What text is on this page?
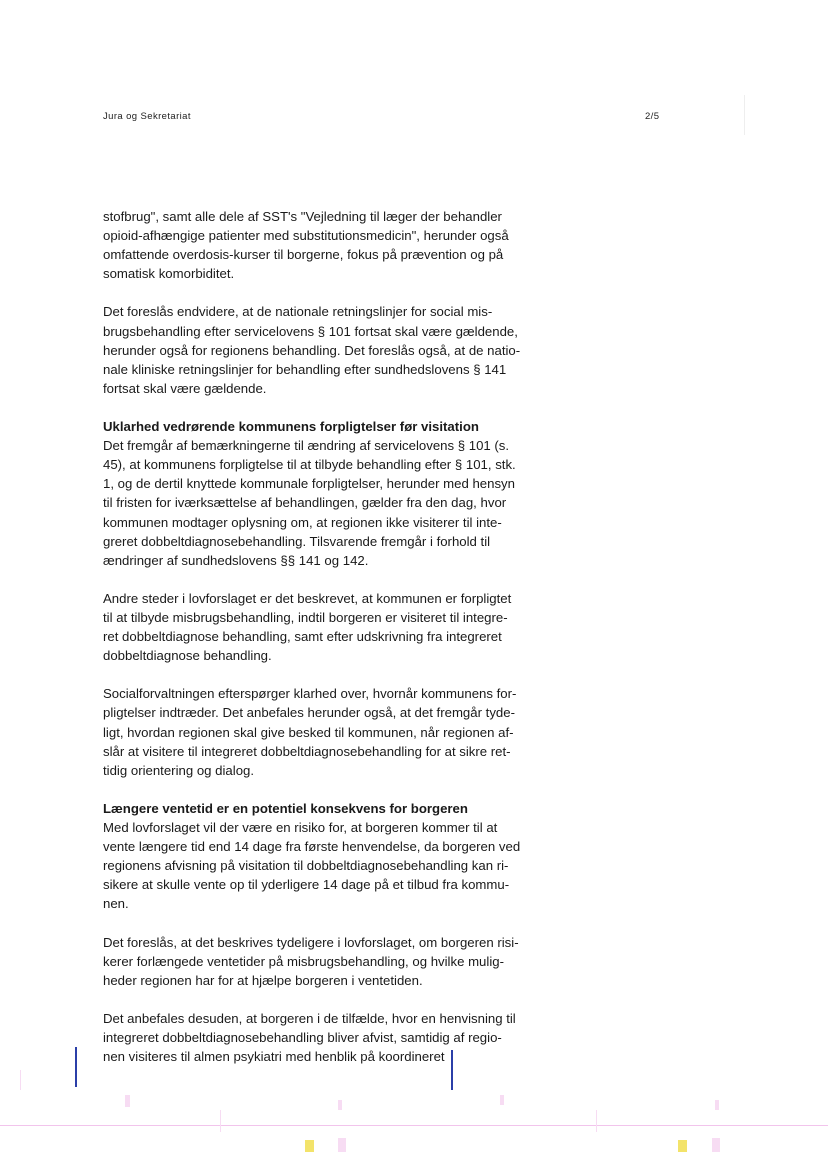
Jura og Sekretariat	2/5
stofbrug", samt alle dele af SST's "Vejledning til læger der behandler
opioid-afhængige patienter med substitutionsmedicin", herunder også
omfattende overdosis-kurser til borgerne, fokus på prævention og på
somatisk komorbiditet.
Det foreslås endvidere, at de nationale retningslinjer for social mis-
brugsbehandling efter servicelovens § 101 fortsat skal være gældende,
herunder også for regionens behandling. Det foreslås også, at de natio-
nale kliniske retningslinjer for behandling efter sundhedslovens § 141
fortsat skal være gældende.
Uklarhed vedrørende kommunens forpligtelser før visitation
Det fremgår af bemærkningerne til ændring af servicelovens § 101 (s.
45), at kommunens forpligtelse til at tilbyde behandling efter § 101, stk.
1, og de dertil knyttede kommunale forpligtelser, herunder med hensyn
til fristen for iværksættelse af behandlingen, gælder fra den dag, hvor
kommunen modtager oplysning om, at regionen ikke visiterer til inte-
greret dobbeltdiagnosebehandling. Tilsvarende fremgår i forhold til
ændringer af sundhedslovens §§ 141 og 142.
Andre steder i lovforslaget er det beskrevet, at kommunen er forpligtet
til at tilbyde misbrugsbehandling, indtil borgeren er visiteret til integre-
ret dobbeltdiagnose behandling, samt efter udskrivning fra integreret
dobbeltdiagnose behandling.
Socialforvaltningen efterspørger klarhed over, hvornår kommunens for-
pligtelser indtræder. Det anbefales herunder også, at det fremgår tyde-
ligt, hvordan regionen skal give besked til kommunen, når regionen af-
slår at visitere til integreret dobbeltdiagnosebehandling for at sikre ret-
tidig orientering og dialog.
Længere ventetid er en potentiel konsekvens for borgeren
Med lovforslaget vil der være en risiko for, at borgeren kommer til at
vente længere tid end 14 dage fra første henvendelse, da borgeren ved
regionens afvisning på visitation til dobbeltdiagnosebehandling kan ri-
sikere at skulle vente op til yderligere 14 dage på et tilbud fra kommu-
nen.
Det foreslås, at det beskrives tydeligere i lovforslaget, om borgeren risi-
kerer forlængede ventetider på misbrugsbehandling, og hvilke mulig-
heder regionen har for at hjælpe borgeren i ventetiden.
Det anbefales desuden, at borgeren i de tilfælde, hvor en henvisning til
integreret dobbeltdiagnosebehandling bliver afvist, samtidig af regio-
nen visiteres til almen psykiatri med henblik på koordineret
